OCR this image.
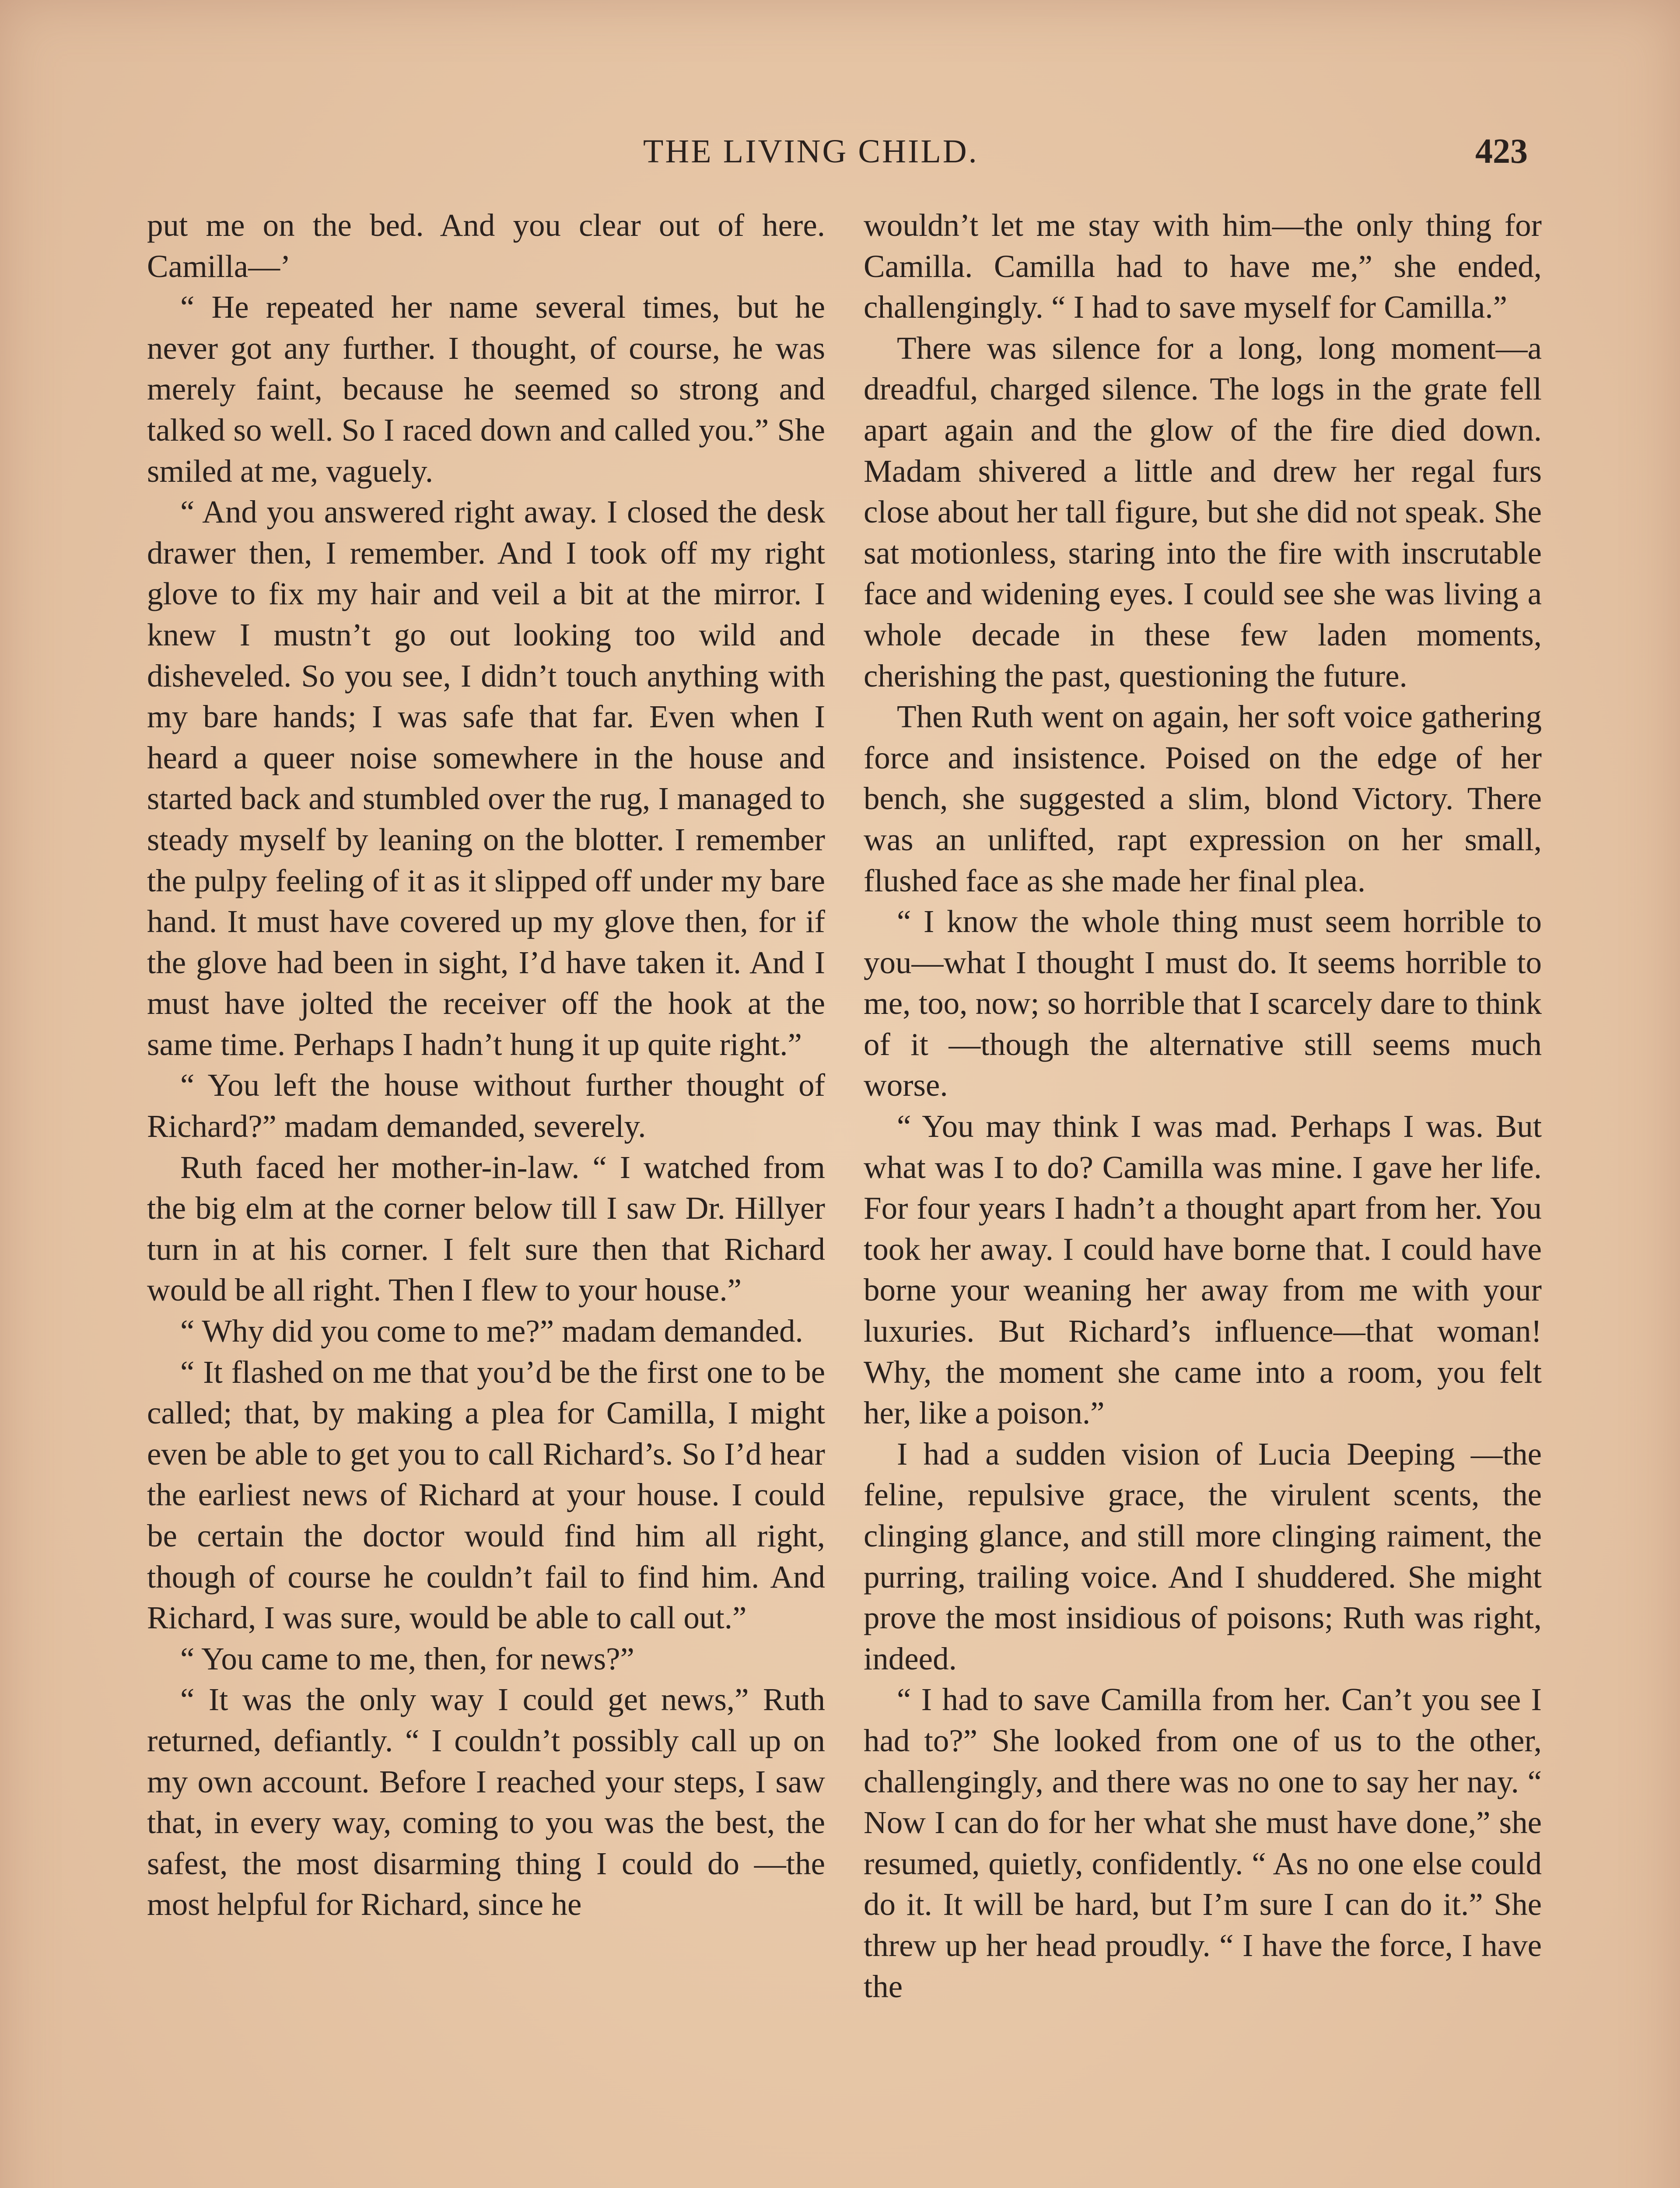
THE LIVING CHILD.	423

put me on the bed. And you clear out of here. Camilla—’

“ He repeated her name several times, but he never got any further. I thought, of course, he was merely faint, because he seemed so strong and talked so well. So I raced down and called you.” She smiled at me, vaguely.

“ And you answered right away. I closed the desk drawer then, I remember. And I took off my right glove to fix my hair and veil a bit at the mirror. I knew I mustn’t go out looking too wild and disheveled. So you see, I didn’t touch anything with my bare hands; I was safe that far. Even when I heard a queer noise somewhere in the house and started back and stumbled over the rug, I managed to steady myself by leaning on the blotter. I remember the pulpy feeling of it as it slipped off under my bare hand. It must have covered up my glove then, for if the glove had been in sight, I’d have taken it. And I must have jolted the receiver off the hook at the same time. Perhaps I hadn’t hung it up quite right.”

“ You left the house without further thought of Richard?” madam demanded, severely.

Ruth faced her mother-in-law. “ I watched from the big elm at the corner below till I saw Dr. Hillyer turn in at his corner. I felt sure then that Richard would be all right. Then I flew to your house.”

“ Why did you come to me?” madam demanded.

“ It flashed on me that you’d be the first one to be called; that, by making a plea for Camilla, I might even be able to get you to call Richard’s. So I’d hear the earliest news of Richard at your house. I could be certain the doctor would find him all right, though of course he couldn’t fail to find him. And Richard, I was sure, would be able to call out.”

“ You came to me, then, for news?”

“ It was the only way I could get news,” Ruth returned, defiantly. “ I couldn’t possibly call up on my own account. Before I reached your steps, I saw that, in every way, coming to you was the best, the safest, the most disarming thing I could do —the most helpful for Richard, since he

wouldn’t let me stay with him—the only thing for Camilla. Camilla had to have me,” she ended, challengingly. “ I had to save myself for Camilla.”

There was silence for a long, long moment—a dreadful, charged silence. The logs in the grate fell apart again and the glow of the fire died down. Madam shivered a little and drew her regal furs close about her tall figure, but she did not speak. She sat motionless, staring into the fire with inscrutable face and widening eyes. I could see she was living a whole decade in these few laden moments, cherishing the past, questioning the future.

Then Ruth went on again, her soft voice gathering force and insistence. Poised on the edge of her bench, she suggested a slim, blond Victory. There was an unlifted, rapt expression on her small, flushed face as she made her final plea.

“ I know the whole thing must seem horrible to you—what I thought I must do. It seems horrible to me, too, now; so horrible that I scarcely dare to think of it —though the alternative still seems much worse.

“ You may think I was mad. Perhaps I was. But what was I to do? Camilla was mine. I gave her life. For four years I hadn’t a thought apart from her. You took her away. I could have borne that. I could have borne your weaning her away from me with your luxuries. But Richard’s influence—that woman! Why, the moment she came into a room, you felt her, like a poison.”

I had a sudden vision of Lucia Deeping —the feline, repulsive grace, the virulent scents, the clinging glance, and still more clinging raiment, the purring, trailing voice. And I shuddered. She might prove the most insidious of poisons; Ruth was right, indeed.

“ I had to save Camilla from her. Can’t you see I had to?” She looked from one of us to the other, challengingly, and there was no one to say her nay. “ Now I can do for her what she must have done,” she resumed, quietly, confidently. “ As no one else could do it. It will be hard, but I’m sure I can do it.” She threw up her head proudly. “ I have the force, I have the
